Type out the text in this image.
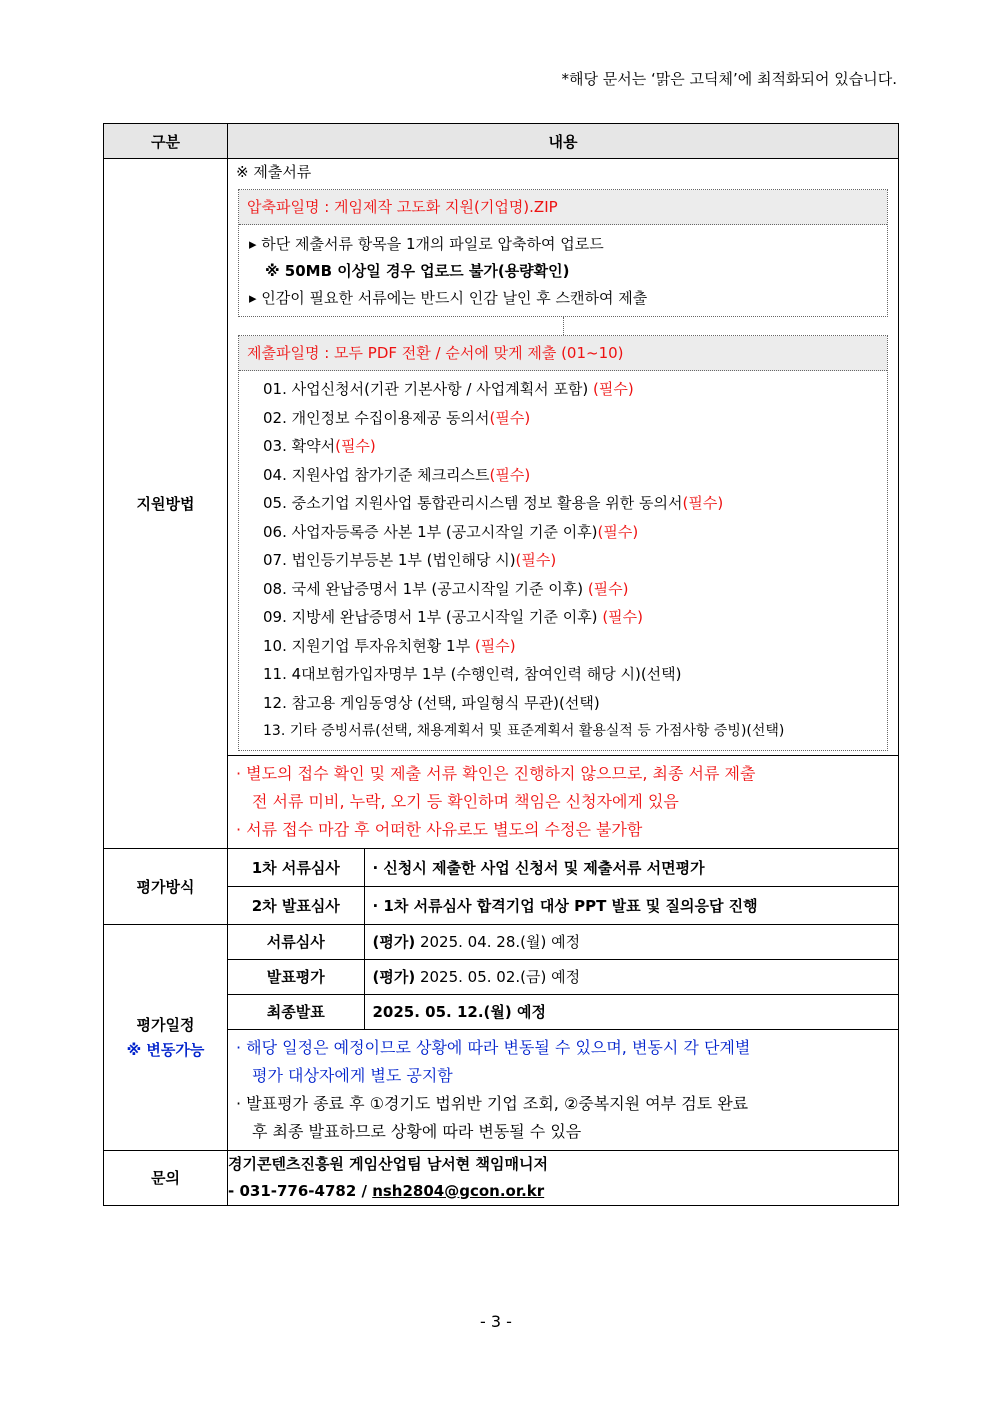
*해당 문서는 ‘맑은 고딕체’에 최적화되어 있습니다.
구분	내용
지원방법	
※ 제출서류
압축파일명 : 게임제작 고도화 지원(기업명).ZIP
▸ 하단 제출서류 항목을 1개의 파일로 압축하여 업로드
※ 50MB 이상일 경우 업로드 불가(용량확인)
▸ 인감이 필요한 서류에는 반드시 인감 날인 후 스캔하여 제출
제출파일명 : 모두 PDF 전환 / 순서에 맞게 제출 (01~10)
01. 사업신청서(기관 기본사항 / 사업계획서 포함) (필수)
02. 개인정보 수집이용제공 동의서(필수)
03. 확약서(필수)
04. 지원사업 참가기준 체크리스트(필수)
05. 중소기업 지원사업 통합관리시스템 정보 활용을 위한 동의서(필수)
06. 사업자등록증 사본 1부 (공고시작일 기준 이후)(필수)
07. 법인등기부등본 1부 (법인해당 시)(필수)
08. 국세 완납증명서 1부 (공고시작일 기준 이후) (필수)
09. 지방세 완납증명서 1부 (공고시작일 기준 이후) (필수)
10. 지원기업 투자유치현황 1부 (필수)
11. 4대보험가입자명부 1부 (수행인력, 참여인력 해당 시)(선택)
12. 참고용 게임동영상 (선택, 파일형식 무관)(선택)
13. 기타 증빙서류(선택, 채용계획서 및 표준계획서 활용실적 등 가점사항 증빙)(선택)
· 별도의 접수 확인 및 제출 서류 확인은 진행하지 않으므로, 최종 서류 제출
전 서류 미비, 누락, 오기 등 확인하며 책임은 신청자에게 있음
· 서류 접수 마감 후 어떠한 사유로도 별도의 수정은 불가함

평가방식	
1차 서류심사	· 신청시 제출한 사업 신청서 및 제출서류 서면평가
2차 발표심사	· 1차 서류심사 합격기업 대상 PPT 발표 및 질의응답 진행

평가일정
※ 변동가능

서류심사	(평가) 2025. 04. 28.(월) 예정
발표평가	(평가) 2025. 05. 02.(금) 예정
최종발표	2025. 05. 12.(월) 예정
· 해당 일정은 예정이므로 상황에 따라 변동될 수 있으며, 변동시 각 단계별
평가 대상자에게 별도 공지함
· 발표평가 종료 후 ①경기도 법위반 기업 조회, ②중복지원 여부 검토 완료
후 최종 발표하므로 상황에 따라 변동될 수 있음

문의	
경기콘텐츠진흥원 게임산업팀 남서현 책임매니저
- 031-776-4782 / nsh2804@gcon.or.kr
- 3 -
